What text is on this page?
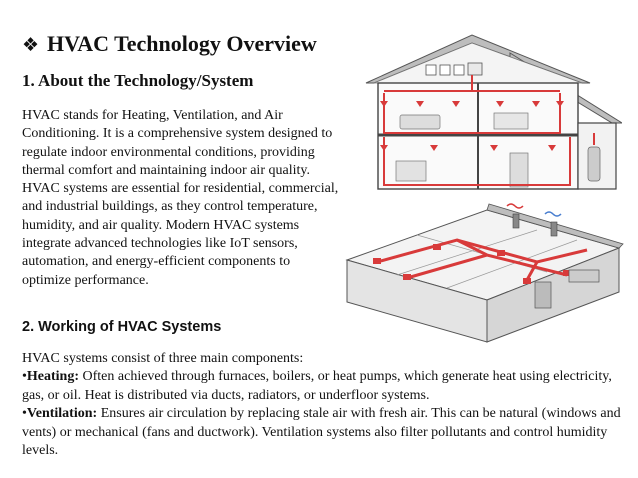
❖ HVAC Technology Overview
1. About the Technology/System
HVAC stands for Heating, Ventilation, and Air Conditioning. It is a comprehensive system designed to regulate indoor environmental conditions, providing thermal comfort and maintaining indoor air quality. HVAC systems are essential for residential, commercial, and industrial buildings, as they control temperature, humidity, and air quality. Modern HVAC systems integrate advanced technologies like IoT sensors, automation, and energy-efficient components to optimize performance.
2. Working of HVAC Systems

HVAC systems consist of three main components:

•Heating: Often achieved through furnaces, boilers, or heat pumps, which generate heat using electricity, gas, or oil. Heat is distributed via ducts, radiators, or underfloor systems.

•Ventilation: Ensures air circulation by replacing stale air with fresh air. This can be natural (windows and vents) or mechanical (fans and ductwork). Ventilation systems also filter pollutants and control humidity levels.
